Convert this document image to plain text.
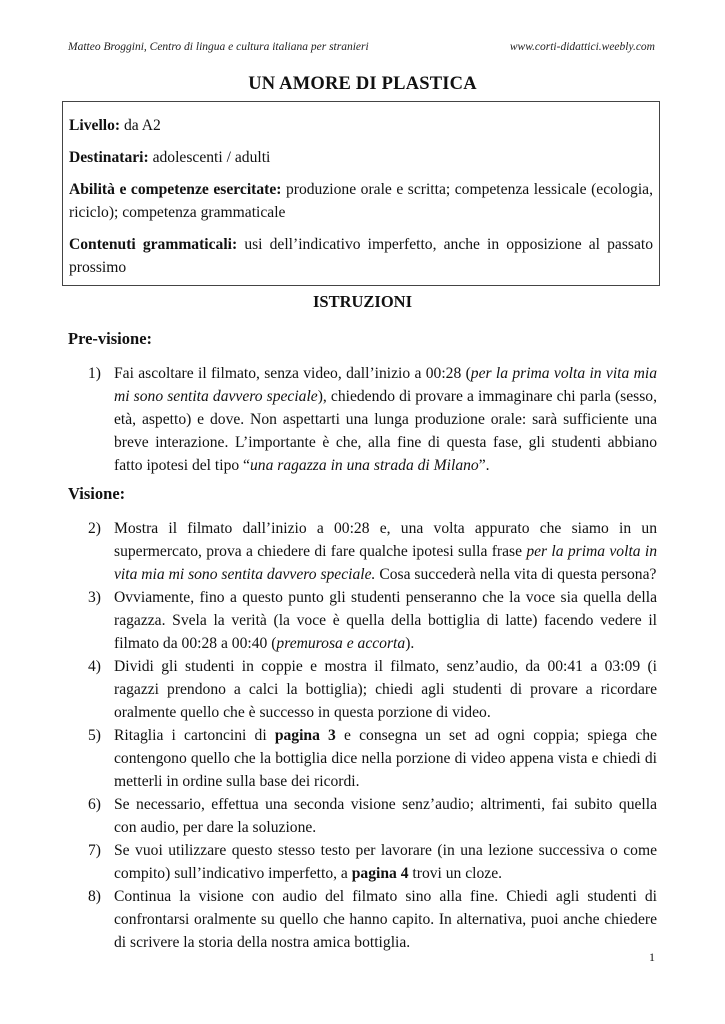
Matteo Broggini, Centro di lingua e cultura italiana per stranieri	www.corti-didattici.weebly.com
UN AMORE DI PLASTICA

Livello: da A2

Destinatari: adolescenti / adulti

Abilità e competenze esercitate: produzione orale e scritta; competenza lessicale (ecologia, riciclo); competenza grammaticale

Contenuti grammaticali: usi dell’indicativo imperfetto, anche in opposizione al passato prossimo

ISTRUZIONI
Pre-visione:
1) Fai ascoltare il filmato, senza video, dall’inizio a 00:28 (per la prima volta in vita mia mi sono sentita davvero speciale), chiedendo di provare a immaginare chi parla (sesso, età, aspetto) e dove. Non aspettarti una lunga produzione orale: sarà sufficiente una breve interazione. L’importante è che, alla fine di questa fase, gli studenti abbiano fatto ipotesi del tipo “una ragazza in una strada di Milano”.
Visione:
2) Mostra il filmato dall’inizio a 00:28 e, una volta appurato che siamo in un supermercato, prova a chiedere di fare qualche ipotesi sulla frase per la prima volta in vita mia mi sono sentita davvero speciale. Cosa succederà nella vita di questa persona?
3) Ovviamente, fino a questo punto gli studenti penseranno che la voce sia quella della ragazza. Svela la verità (la voce è quella della bottiglia di latte) facendo vedere il filmato da 00:28 a 00:40 (premurosa e accorta).
4) Dividi gli studenti in coppie e mostra il filmato, senz’audio, da 00:41 a 03:09 (i ragazzi prendono a calci la bottiglia); chiedi agli studenti di provare a ricordare oralmente quello che è successo in questa porzione di video.
5) Ritaglia i cartoncini di pagina 3 e consegna un set ad ogni coppia; spiega che contengono quello che la bottiglia dice nella porzione di video appena vista e chiedi di metterli in ordine sulla base dei ricordi.
6) Se necessario, effettua una seconda visione senz’audio; altrimenti, fai subito quella con audio, per dare la soluzione.
7) Se vuoi utilizzare questo stesso testo per lavorare (in una lezione successiva o come compito) sull’indicativo imperfetto, a pagina 4 trovi un cloze.
8) Continua la visione con audio del filmato sino alla fine. Chiedi agli studenti di confrontarsi oralmente su quello che hanno capito. In alternativa, puoi anche chiedere di scrivere la storia della nostra amica bottiglia.
1
